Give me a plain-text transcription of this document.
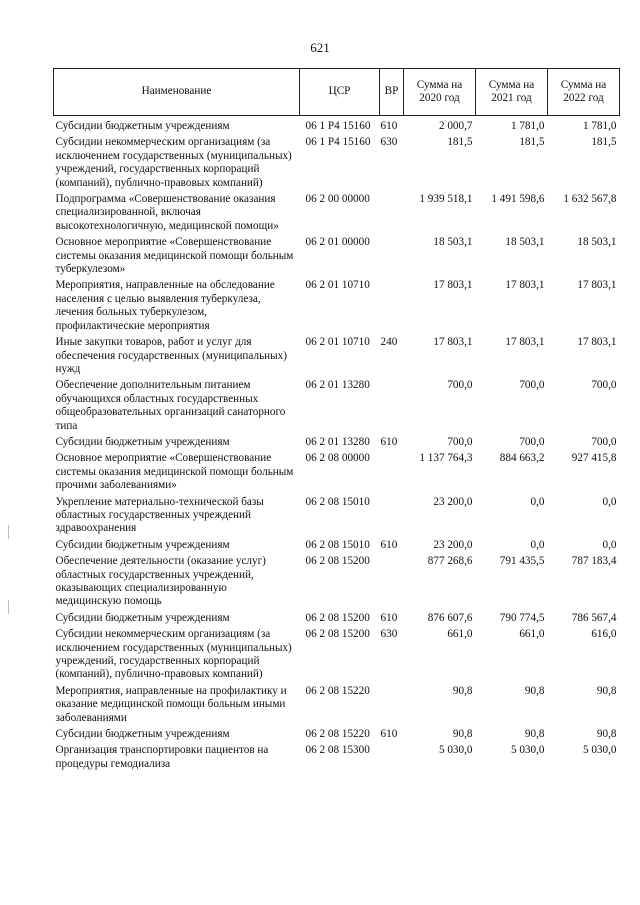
621
Наименование	ЦСР	ВР	Сумма на 2020 год	Сумма на 2021 год	Сумма на 2022 год
Субсидии бюджетным учреждениям	06 1 P4 15160	610	2 000,7	1 781,0	1 781,0
Субсидии некоммерческим организациям (за исключением государственных (муниципальных) учреждений, государственных корпораций (компаний), публично-правовых компаний)	06 1 P4 15160	630	181,5	181,5	181,5
Подпрограмма «Совершенствование оказания специализированной, включая высокотехнологичную, медицинской помощи»	06 2 00 00000		1 939 518,1	1 491 598,6	1 632 567,8
Основное мероприятие «Совершенствование системы оказания медицинской помощи больным туберкулезом»	06 2 01 00000		18 503,1	18 503,1	18 503,1
Мероприятия, направленные на обследование населения с целью выявления туберкулеза, лечения больных туберкулезом, профилактические мероприятия	06 2 01 10710		17 803,1	17 803,1	17 803,1
Иные закупки товаров, работ и услуг для обеспечения государственных (муниципальных) нужд	06 2 01 10710	240	17 803,1	17 803,1	17 803,1
Обеспечение дополнительным питанием обучающихся областных государственных общеобразовательных организаций санаторного типа	06 2 01 13280		700,0	700,0	700,0
Субсидии бюджетным учреждениям	06 2 01 13280	610	700,0	700,0	700,0
Основное мероприятие «Совершенствование системы оказания медицинской помощи больным прочими заболеваниями»	06 2 08 00000		1 137 764,3	884 663,2	927 415,8
Укрепление материально-технической базы областных государственных учреждений здравоохранения	06 2 08 15010		23 200,0	0,0	0,0
Субсидии бюджетным учреждениям	06 2 08 15010	610	23 200,0	0,0	0,0
Обеспечение деятельности (оказание услуг) областных государственных учреждений, оказывающих специализированную медицинскую помощь	06 2 08 15200		877 268,6	791 435,5	787 183,4
Субсидии бюджетным учреждениям	06 2 08 15200	610	876 607,6	790 774,5	786 567,4
Субсидии некоммерческим организациям (за исключением государственных (муниципальных) учреждений, государственных корпораций (компаний), публично-правовых компаний)	06 2 08 15200	630	661,0	661,0	616,0
Мероприятия, направленные на профилактику и оказание медицинской помощи больным иными заболеваниями	06 2 08 15220		90,8	90,8	90,8
Субсидии бюджетным учреждениям	06 2 08 15220	610	90,8	90,8	90,8
Организация транспортировки пациентов на процедуры гемодиализа	06 2 08 15300		5 030,0	5 030,0	5 030,0
